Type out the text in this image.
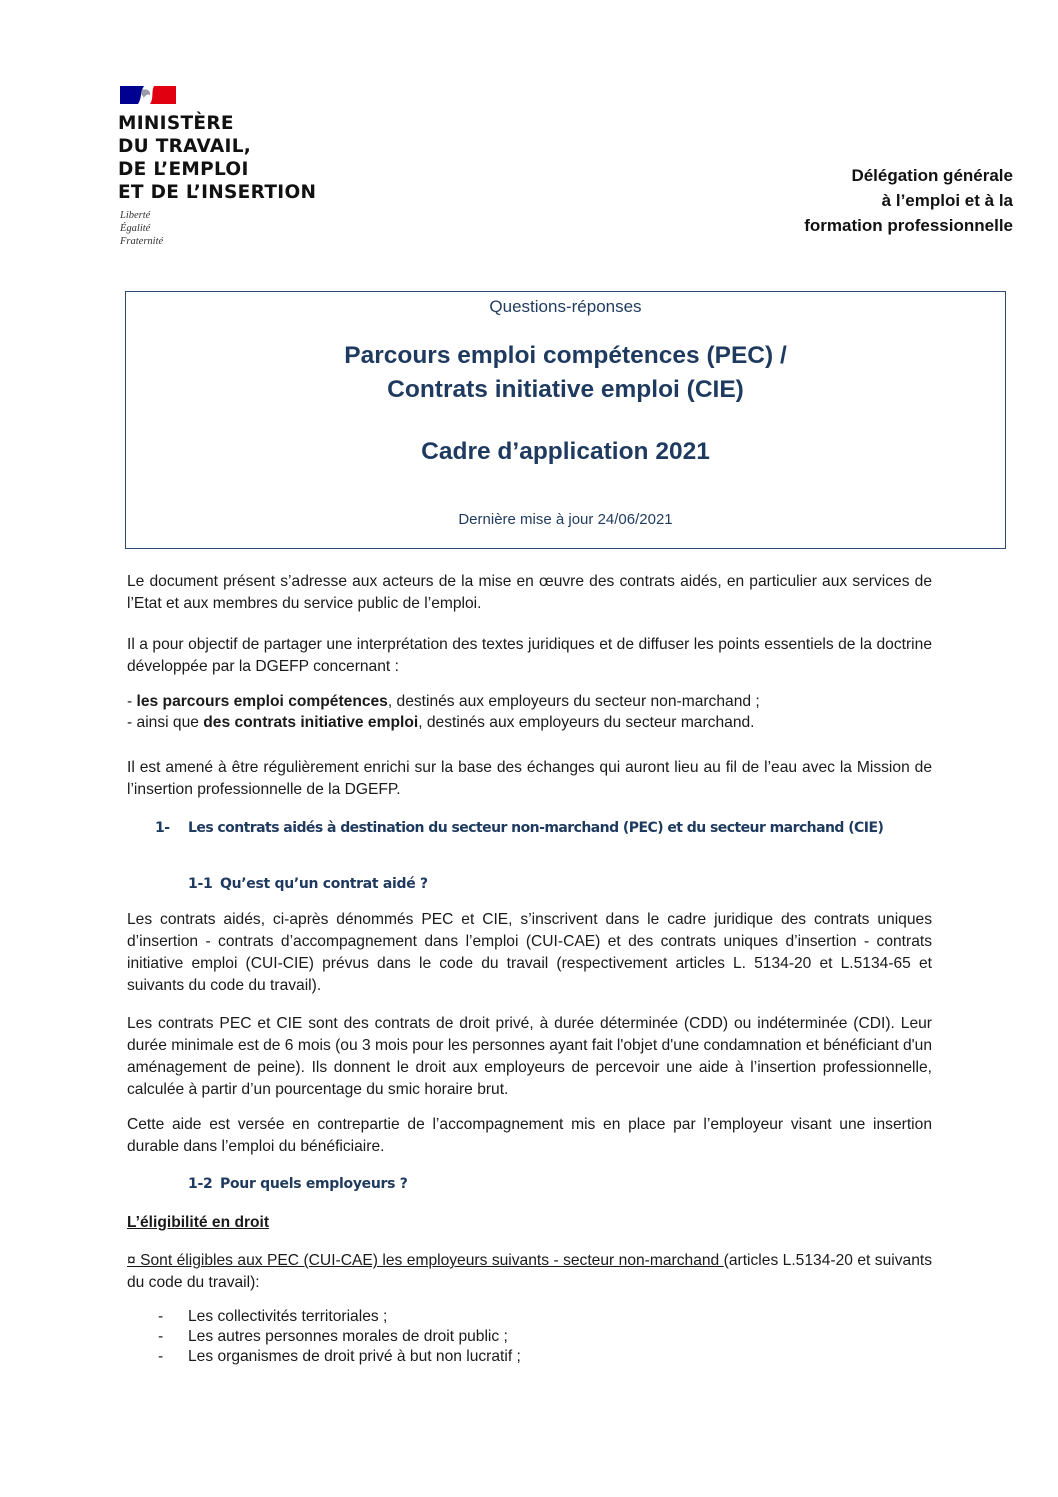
MINISTÈRE
DU TRAVAIL,
DE L’EMPLOI
ET DE L’INSERTION
Liberté
Égalité
Fraternité
Délégation générale
à l’emploi et à la
formation professionnelle
Questions-réponses
Parcours emploi compétences (PEC) /
Contrats initiative emploi (CIE)
Cadre d’application 2021
Dernière mise à jour 24/06/2021

Le document présent s’adresse aux acteurs de la mise en œuvre des contrats aidés, en particulier aux services de l’Etat et aux membres du service public de l’emploi.

Il a pour objectif de partager une interprétation des textes juridiques et de diffuser les points essentiels de la doctrine développée par la DGEFP concernant :

- les parcours emploi compétences, destinés aux employeurs du secteur non-marchand ;
- ainsi que des contrats initiative emploi, destinés aux employeurs du secteur marchand.

Il est amené à être régulièrement enrichi sur la base des échanges qui auront lieu au fil de l’eau avec la Mission de l’insertion professionnelle de la DGEFP.

1- Les contrats aidés à destination du secteur non-marchand (PEC) et du secteur marchand (CIE)
1-1 Qu’est qu’un contrat aidé ?

Les contrats aidés, ci-après dénommés PEC et CIE, s’inscrivent dans le cadre juridique des contrats uniques d’insertion - contrats d’accompagnement dans l’emploi (CUI-CAE) et des contrats uniques d’insertion - contrats initiative emploi (CUI-CIE) prévus dans le code du travail (respectivement articles L. 5134-20 et L.5134-65 et suivants du code du travail).

Les contrats PEC et CIE sont des contrats de droit privé, à durée déterminée (CDD) ou indéterminée (CDI). Leur durée minimale est de 6 mois (ou 3 mois pour les personnes ayant fait l'objet d'une condamnation et bénéficiant d'un aménagement de peine). Ils donnent le droit aux employeurs de percevoir une aide à l’insertion professionnelle, calculée à partir d’un pourcentage du smic horaire brut.

Cette aide est versée en contrepartie de l’accompagnement mis en place par l’employeur visant une insertion durable dans l’emploi du bénéficiaire.

1-2 Pour quels employeurs ?

L’éligibilité en droit

¤ Sont éligibles aux PEC (CUI-CAE) les employeurs suivants - secteur non-marchand (articles L.5134-20 et suivants du code du travail):

- Les collectivités territoriales ;
- Les autres personnes morales de droit public ;
- Les organismes de droit privé à but non lucratif ;
